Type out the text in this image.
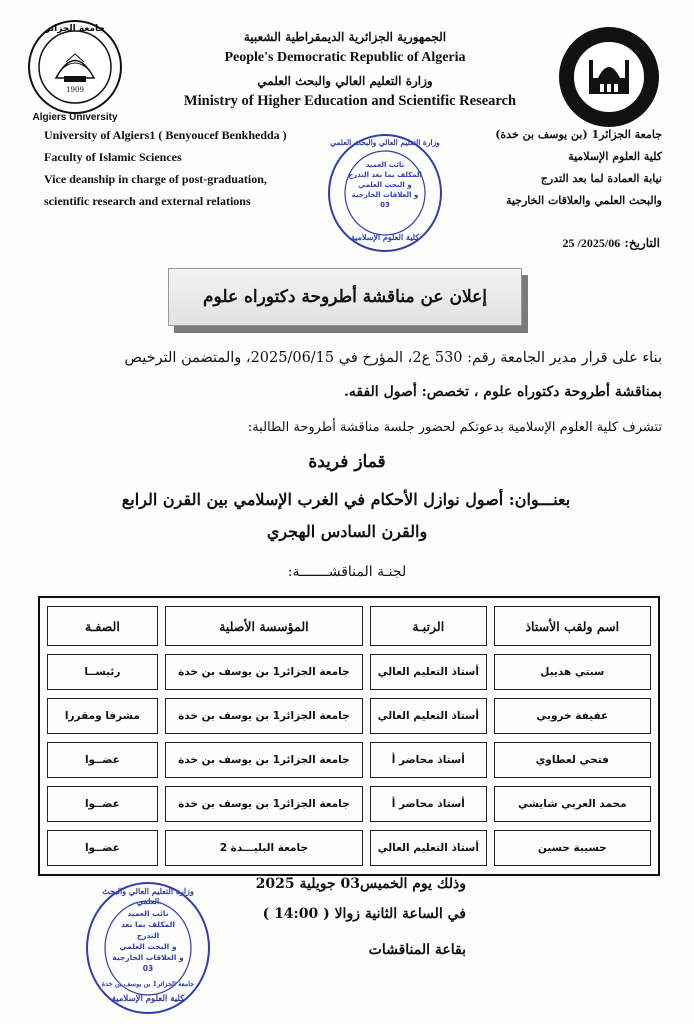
جامعة الجزائر
1909
Algiers University
الجمهورية الجزائرية الديمقراطية الشعبية
People's Democratic Republic of Algeria
وزارة التعليم العالي والبحث العلمي
Ministry of Higher Education and Scientific Research
University of Algiers1 ( Benyoucef Benkhedda )
Faculty of Islamic Sciences
Vice deanship in charge of post-graduation,
scientific research and external relations
جامعة الجزائر1 (بن يوسف بن خدة)
كلية العلوم الإسلامية
نيابة العمادة لما بعد التدرج
والبحث العلمي والعلاقات الخارجية
وزارة التعليم العالي والبحث العلمي
نائب العميد
المكلف بما بعد التدرج
و البحث العلمي
و العلاقات الخارجية
03
كلية العلوم الإسلامية	التاريخ: 2025/06/ 25
إعلان عن مناقشة أطروحة دكتوراه علوم
بناء على قرار مدير الجامعة رقم: 530 ع2، المؤرخ في 2025/06/15، والمتضمن الترخيص
بمناقشة أطروحة دكتوراه علوم ، تخصص: أصول الفقه.
تتشرف كلية العلوم الإسلامية بدعوتكم لحضور جلسة مناقشة أطروحة الطالبة:
قماز فريدة
بعنـــوان: أصول نوازل الأحكام في الغرب الإسلامي بين القرن الرابع
والقرن السادس الهجري
لجنـة المناقشـــــــة:
اسم ولقب الأستاذ	الرتبـة	المؤسسة الأصلية	الصفـة
سبتي هديبل	أستاذ التعليم العالي	جامعة الجزائر1 بن يوسف بن خدة	رئيســا
عفيفة خروبي	أستاذ التعليم العالي	جامعة الجزائر1 بن يوسف بن خدة	مشرفا ومقررا
فتحي لعطاوي	أستاذ محاضر أ	جامعة الجزائر1 بن يوسف بن خدة	عضــوا
محمد العربي شايشي	أستاذ محاضر أ	جامعة الجزائر1 بن يوسف بن خدة	عضــوا
حسيبة حسين	أستاذ التعليم العالي	جامعة البليـــدة 2	عضــوا
وذلك يوم الخميس03 جويلية 2025
في الساعة الثانية زوالا ( 14:00 )
بقاعة المناقشات
وزارة التعليم العالي والبحث العلمي
نائب العميد
المكلف بما بعد التدرج
و البحث العلمي
و العلاقات الخارجية
03
جامعة الجزائر1 بن يوسف بن خدة
كلية العلوم الإسلامية
